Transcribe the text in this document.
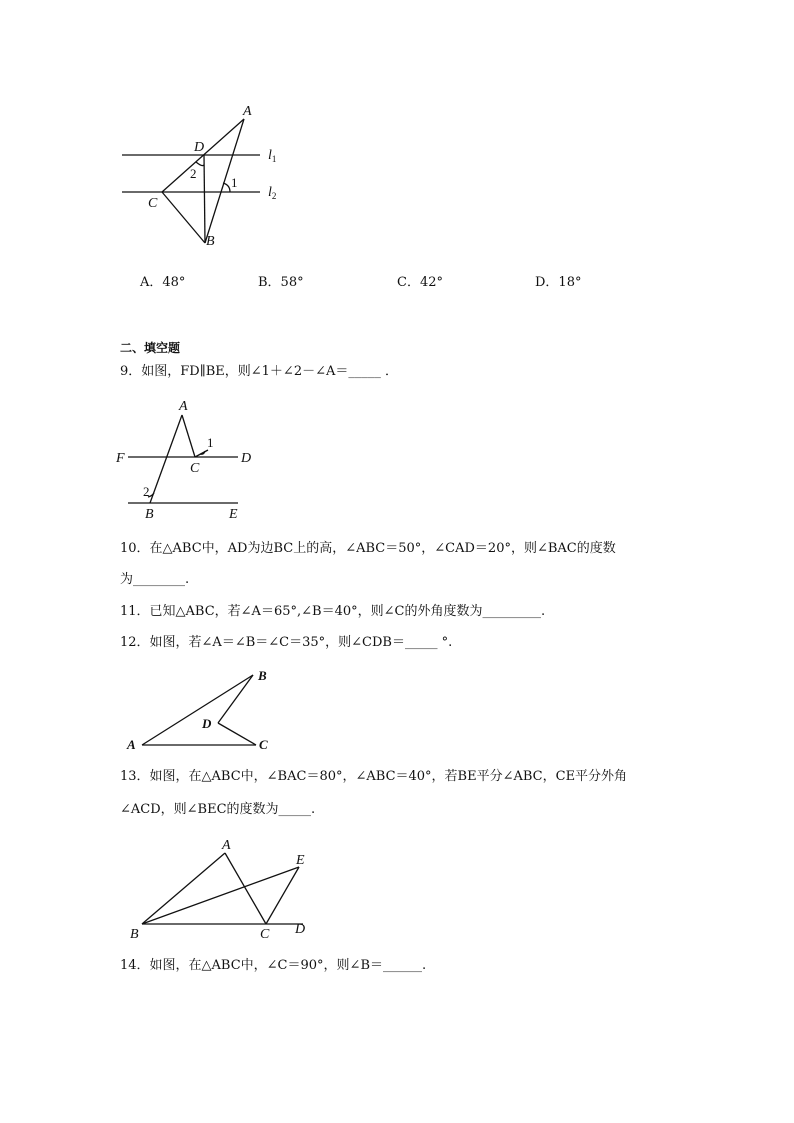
A
D
C
B
2
1
$l_1$
$l_2$
A．48°	B．58°	C．42°	D．18°
二、填空题
9．如图，FD∥BE，则∠1＋∠2－∠A＝_____ ．
A
1
F
C
D
2
B	E
10．在△ABC中，AD为边BC上的高，∠ABC＝50°，∠CAD＝20°，则∠BAC的度数
为________.
11．已知△ABC，若∠A＝65°,∠B＝40°，则∠C的外角度数为_________.
12．如图，若∠A＝∠B＝∠C＝35°，则∠CDB＝_____ °.
A
B
D
C
13．如图，在△ABC中，∠BAC＝80°，∠ABC＝40°，若BE平分∠ABC，CE平分外角
∠ACD，则∠BEC的度数为_____.
A
E
B	C D
14．如图，在△ABC中，∠C＝90°，则∠B＝______.
